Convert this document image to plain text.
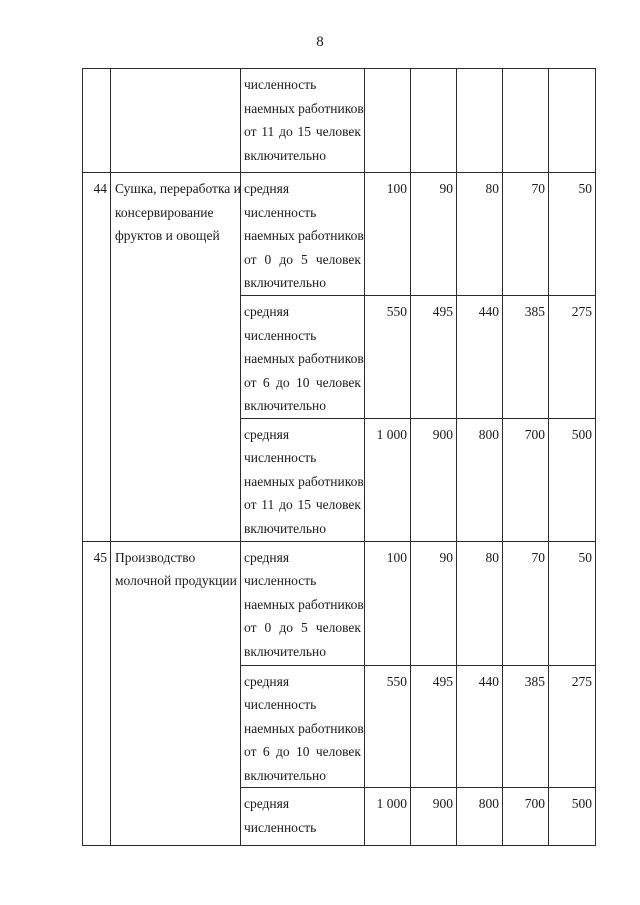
8

		численность
наемных работников
от 11 до 15 человек
включительно					

44	Сушка, переработка и
консервирование
фруктов и овощей	средняя
численность
наемных работников
от 0 до 5 человек
включительно	100	90	80	70	50

		средняя
численность
наемных работников
от 6 до 10 человек
включительно	550	495	440	385	275

		средняя
численность
наемных работников
от 11 до 15 человек
включительно	1 000	900	800	700	500
45	Производство
молочной продукции	средняя
численность
наемных работников
от 0 до 5 человек
включительно	100	90	80	70	50

		средняя
численность
наемных работников
от 6 до 10 человек
включительно	550	495	440	385	275

		средняя
численность	1 000	900	800	700	500
